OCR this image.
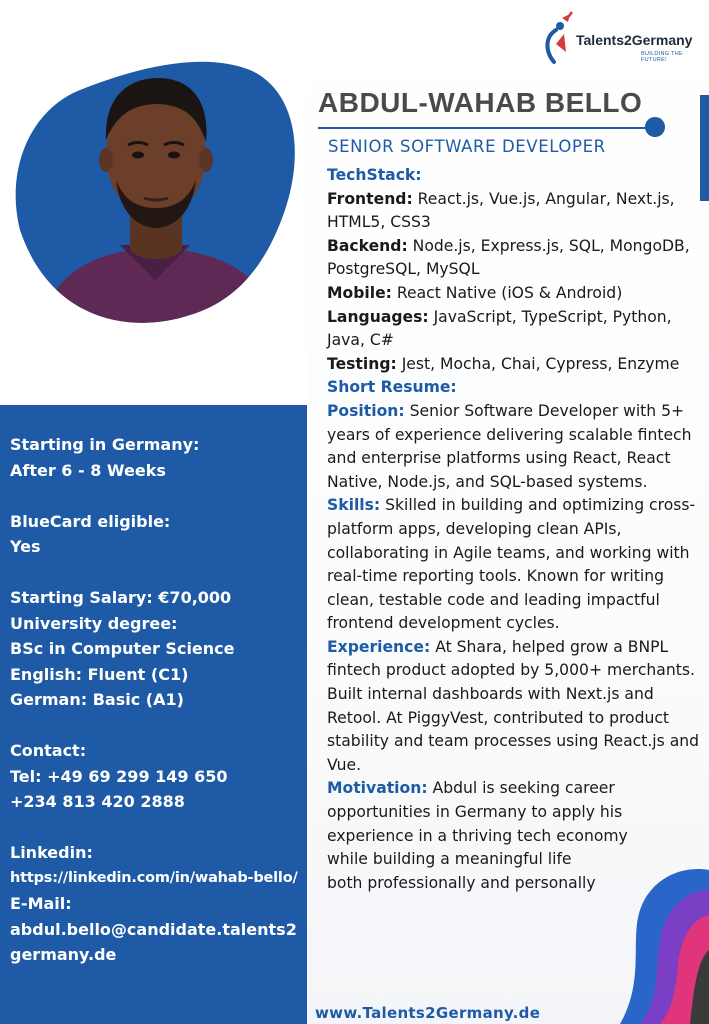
Starting in Germany:
After 6 - 8 Weeks
BlueCard eligible:
Yes
Starting Salary: €70,000
University degree:
BSc in Computer Science
English: Fluent (C1)
German: Basic (A1)
Contact:
Tel: +49 69 299 149 650
+234 813 420 2888
Linkedin:
https://linkedin.com/in/wahab-bello/
E-Mail:
abdul.bello@candidate.talents2germany.de
Talents2Germany
BUILDING THE FUTURE!
ABDUL-WAHAB BELLO
SENIOR SOFTWARE DEVELOPER

TechStack:

Frontend: React.js, Vue.js, Angular, Next.js, HTML5, CSS3

Backend: Node.js, Express.js, SQL, MongoDB, PostgreSQL, MySQL

Mobile: React Native (iOS & Android)

Languages: JavaScript, TypeScript, Python, Java, C#

Testing: Jest, Mocha, Chai, Cypress, Enzyme

Short Resume:

Position: Senior Software Developer with 5+ years of experience delivering scalable fintech and enterprise platforms using React, React Native, Node.js, and SQL-based systems.

Skills: Skilled in building and optimizing cross-platform apps, developing clean APIs, collaborating in Agile teams, and working with real-time reporting tools. Known for writing clean, testable code and leading impactful frontend development cycles.

Experience: At Shara, helped grow a BNPL fintech product adopted by 5,000+ merchants. Built internal dashboards with Next.js and Retool. At PiggyVest, contributed to product stability and team processes using React.js and Vue.

Motivation: Abdul is seeking career opportunities in Germany to apply his experience in a thriving tech economy while building a meaningful life

both professionally and personally

www.Talents2Germany.de
